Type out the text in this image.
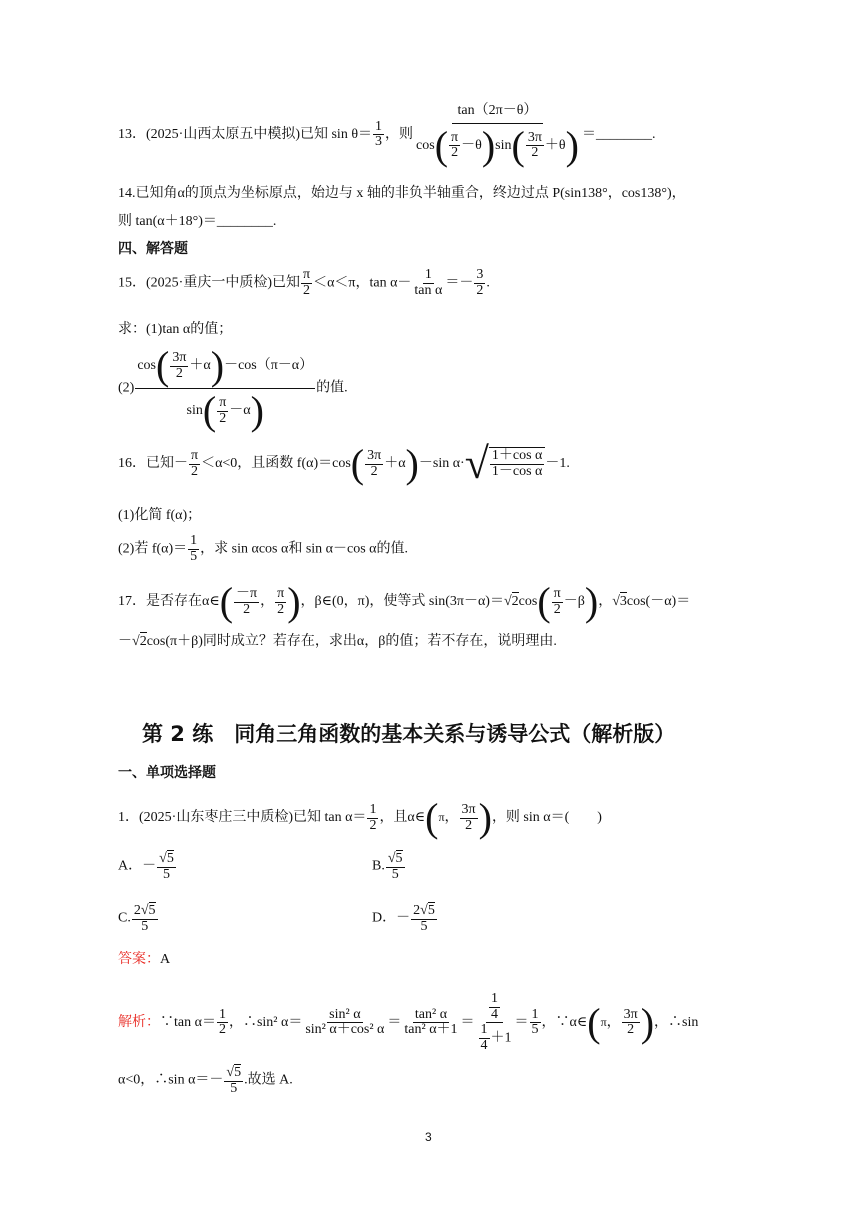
13．(2025·山西太原五中模拟)已知 $\sin \theta= \frac{1}{3}$ ，则 $\frac{\tan(2\pi-\theta)}{\cos( \frac{\pi}{2} -\theta)\sin( \frac{3\pi}{2} +\theta)}$ ＝________.
14.已知角α的顶点为坐标原点，始边与 x 轴的非负半轴重合，终边过点 P(sin138°，cos138°)，
则 tan(α＋18°)＝________.
四、解答题
15．(2025·重庆一中质检)已知 $\frac{\pi}{2} <\alpha<\pi$，$\tan \alpha- \frac{1}{\text{tan α}} =- \frac{3}{2}$ .
求：(1)tan α的值；
$(2) \frac{\cos( \frac{3\pi}{2} +\alpha)-\cos(\pi-\alpha)}{\sin( \frac{\pi}{2} -\alpha)}$ 的值.
16．已知－ $\frac{\pi}{2} <\alpha<0$，且函数 $f(\alpha)=\cos( \frac{3\pi}{2} +\alpha)-\sin$ $\alpha\cdot√ \frac{\text{1＋cos α}}{\text{1－cos α}} -1$.
(1)化简 f(α)；
(2)若 $f(\alpha)= \frac{1}{5}$ ，求 sin αcos α和 sin α－cos α的值.
17．是否存在α∈( $\frac{-\pi}{2}$ ， $\frac{\pi}{2}$ )，β∈(0，π)，使等式 $\sin(3\pi-\alpha)=√2\cos( \frac{\pi}{2} -\beta)$，√3cos(－α)＝
－√2cos(π＋β)同时成立？若存在，求出α，β的值；若不存在，说明理由.
第 2 练　同角三角函数的基本关系与诱导公式（解析版）
一、单项选择题
1．(2025·山东枣庄三中质检)已知 $\tan \alpha= \frac{1}{2}$ ，且α∈(π， $\frac{3\pi}{2}$ )，则 sin α＝(　　)
A．－ $\frac{√5}{5}$	B. $\frac{√5}{5}$
C. $\frac{2√5}{5}$	D．－ $\frac{2√5}{5}$
答案：A
解析：∵tan $\alpha= \frac{1}{2}$ ，∴sin² $\alpha= \frac{\text{sin² α}}{\text{sin² α＋cos² α}} = \frac{\text{tan² α}}{\text{tan² α＋1}} = \frac{\frac{1}{4}}{\frac{1}{4} +1} = \frac{1}{5}$ ，∵α∈(π， $\frac{3\pi}{2}$ )，∴sin
α<0，∴sin $\alpha=- \frac{√5}{5}$ .故选 A.
3
